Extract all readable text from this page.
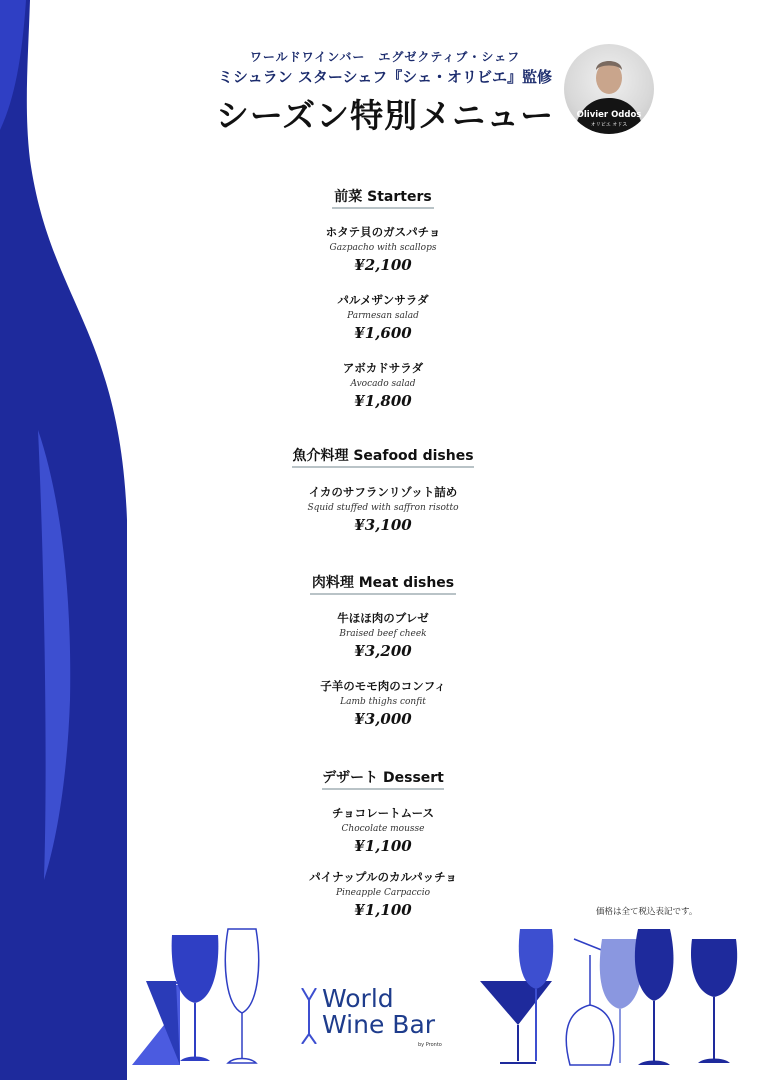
ワールドワインバー　エグゼクティブ・シェフ
ミシュラン スターシェフ『シェ・オリビエ』監修
シーズン特別メニュー	Olivier Oddos
オリビエ オドス
前菜 Starters
ホタテ貝のガスパチョ
Gazpacho with scallops
¥2,100
パルメザンサラダ
Parmesan salad
¥1,600
アボカドサラダ
Avocado salad
¥1,800
魚介料理 Seafood dishes
イカのサフランリゾット詰め
Squid stuffed with saffron risotto
¥3,100
肉料理 Meat dishes
牛ほほ肉のブレゼ
Braised beef cheek
¥3,200
子羊のモモ肉のコンフィ
Lamb thighs confit
¥3,000
デザート Dessert
チョコレートムース
Chocolate mousse
¥1,100
パイナップルのカルパッチョ
Pineapple Carpaccio
¥1,100	価格は全て税込表記です。
World
Wine Bar
by Pronto
